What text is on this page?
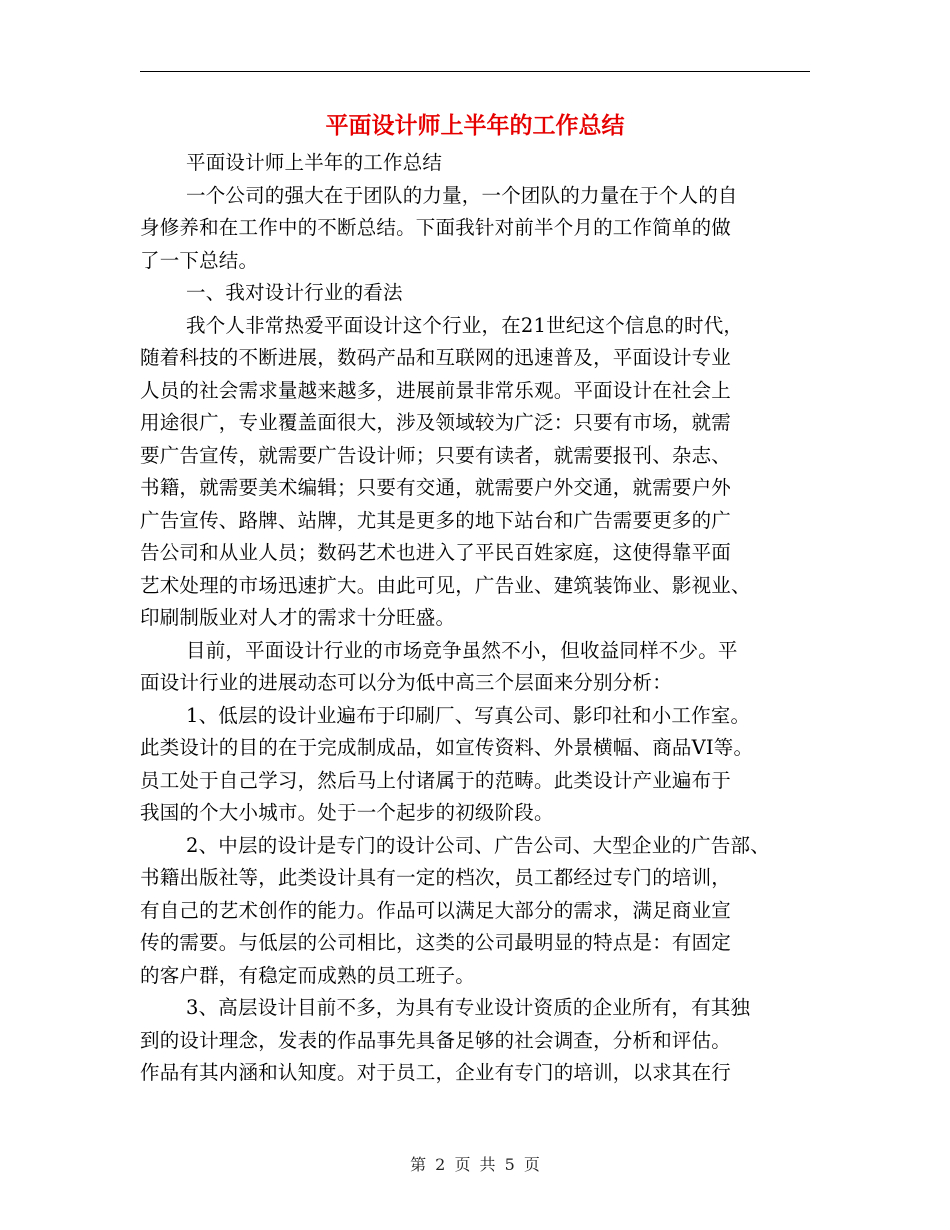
平面设计师上半年的工作总结
平面设计师上半年的工作总结
一个公司的强大在于团队的力量，一个团队的力量在于个人的自
身修养和在工作中的不断总结。下面我针对前半个月的工作简单的做
了一下总结。
一、我对设计行业的看法
我个人非常热爱平面设计这个行业，在21世纪这个信息的时代，
随着科技的不断进展，数码产品和互联网的迅速普及，平面设计专业
人员的社会需求量越来越多，进展前景非常乐观。平面设计在社会上
用途很广，专业覆盖面很大，涉及领域较为广泛：只要有市场，就需
要广告宣传，就需要广告设计师；只要有读者，就需要报刊、杂志、
书籍，就需要美术编辑；只要有交通，就需要户外交通，就需要户外
广告宣传、路牌、站牌，尤其是更多的地下站台和广告需要更多的广
告公司和从业人员；数码艺术也进入了平民百姓家庭，这使得靠平面
艺术处理的市场迅速扩大。由此可见，广告业、建筑装饰业、影视业、
印刷制版业对人才的需求十分旺盛。
目前，平面设计行业的市场竞争虽然不小，但收益同样不少。平
面设计行业的进展动态可以分为低中高三个层面来分别分析：
1、低层的设计业遍布于印刷厂、写真公司、影印社和小工作室。
此类设计的目的在于完成制成品，如宣传资料、外景横幅、商品VI等。
员工处于自己学习，然后马上付诸属于的范畴。此类设计产业遍布于
我国的个大小城市。处于一个起步的初级阶段。
2、中层的设计是专门的设计公司、广告公司、大型企业的广告部、
书籍出版社等，此类设计具有一定的档次，员工都经过专门的培训，
有自己的艺术创作的能力。作品可以满足大部分的需求，满足商业宣
传的需要。与低层的公司相比，这类的公司最明显的特点是：有固定
的客户群，有稳定而成熟的员工班子。
3、高层设计目前不多，为具有专业设计资质的企业所有，有其独
到的设计理念，发表的作品事先具备足够的社会调查，分析和评估。
作品有其内涵和认知度。对于员工，企业有专门的培训，以求其在行
第 2 页 共 5 页
